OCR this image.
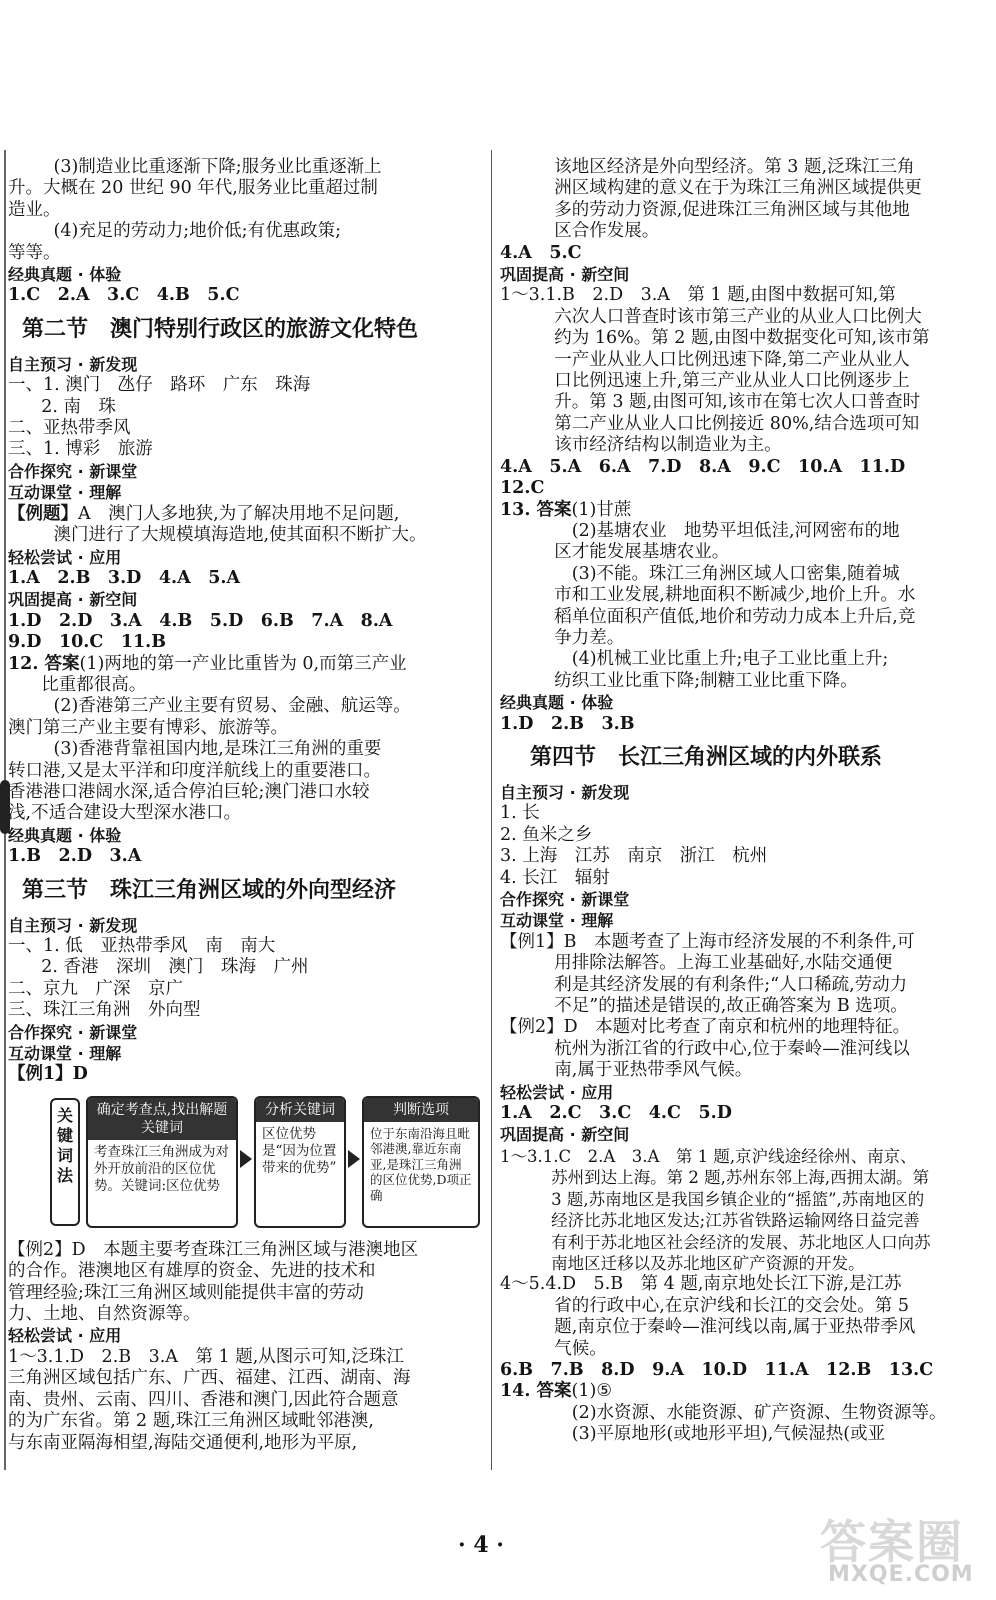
(3)制造业比重逐渐下降;服务业比重逐渐上

升。大概在 20 世纪 90 年代,服务业比重超过制

造业。

(4)充足的劳动力;地价低;有优惠政策;

等等。

经典真题 · 体验

1.C　2.A　3.C　4.B　5.C

第二节　澳门特别行政区的旅游文化特色
自主预习 · 新发现

一、1. 澳门　氹仔　路环　广东　珠海

2. 南　珠

二、亚热带季风

三、1. 博彩　旅游

合作探究 · 新课堂
互动课堂 · 理解

【例题】A　澳门人多地狭,为了解决用地不足问题,

澳门进行了大规模填海造地,使其面积不断扩大。

轻松尝试 · 应用

1.A　2.B　3.D　4.A　5.A

巩固提高 · 新空间

1.D　2.D　3.A　4.B　5.D　6.B　7.A　8.A

9.D　10.C　11.B

12. 答案(1)两地的第一产业比重皆为 0,而第三产业

比重都很高。

(2)香港第三产业主要有贸易、金融、航运等。

澳门第三产业主要有博彩、旅游等。

(3)香港背靠祖国内地,是珠江三角洲的重要

转口港,又是太平洋和印度洋航线上的重要港口。

香港港口港阔水深,适合停泊巨轮;澳门港口水较

浅,不适合建设大型深水港口。

经典真题 · 体验

1.B　2.D　3.A

第三节　珠江三角洲区域的外向型经济
自主预习 · 新发现

一、1. 低　亚热带季风　南　南大

2. 香港　深圳　澳门　珠海　广州

二、京九　广深　京广

三、珠江三角洲　外向型

合作探究 · 新课堂
互动课堂 · 理解

【例1】D

关
键
词
法
确定考查点,找出解题关键词
考查珠江三角洲成为对外开放前沿的区位优势。关键词:区位优势
分析关键词
区位优势是“因为位置带来的优势”
判断选项
位于东南沿海且毗邻港澳,靠近东南亚,是珠江三角洲的区位优势,D项正确

【例2】D　本题主要考查珠江三角洲区域与港澳地区

的合作。港澳地区有雄厚的资金、先进的技术和

管理经验;珠江三角洲区域则能提供丰富的劳动

力、土地、自然资源等。

轻松尝试 · 应用

1～3.1.D　2.B　3.A　第 1 题,从图示可知,泛珠江

三角洲区域包括广东、广西、福建、江西、湖南、海

南、贵州、云南、四川、香港和澳门,因此符合题意

的为广东省。第 2 题,珠江三角洲区域毗邻港澳,

与东南亚隔海相望,海陆交通便利,地形为平原,

该地区经济是外向型经济。第 3 题,泛珠江三角

洲区域构建的意义在于为珠江三角洲区域提供更

多的劳动力资源,促进珠江三角洲区域与其他地

区合作发展。

4.A　5.C

巩固提高 · 新空间

1～3.1.B　2.D　3.A　第 1 题,由图中数据可知,第

六次人口普查时该市第三产业的从业人口比例大

约为 16%。第 2 题,由图中数据变化可知,该市第

一产业从业人口比例迅速下降,第二产业从业人

口比例迅速上升,第三产业从业人口比例逐步上

升。第 3 题,由图可知,该市在第七次人口普查时

第二产业从业人口比例接近 80%,结合选项可知

该市经济结构以制造业为主。

4.A　5.A　6.A　7.D　8.A　9.C　10.A　11.D

12.C

13. 答案(1)甘蔗

(2)基塘农业　地势平坦低洼,河网密布的地

区才能发展基塘农业。

(3)不能。珠江三角洲区域人口密集,随着城

市和工业发展,耕地面积不断减少,地价上升。水

稻单位面积产值低,地价和劳动力成本上升后,竞

争力差。

(4)机械工业比重上升;电子工业比重上升;

纺织工业比重下降;制糖工业比重下降。

经典真题 · 体验

1.D　2.B　3.B

第四节　长江三角洲区域的内外联系
自主预习 · 新发现

1. 长

2. 鱼米之乡

3. 上海　江苏　南京　浙江　杭州

4. 长江　辐射

合作探究 · 新课堂
互动课堂 · 理解

【例1】B　本题考查了上海市经济发展的不利条件,可

用排除法解答。上海工业基础好,水陆交通便

利是其经济发展的有利条件;“人口稀疏,劳动力

不足”的描述是错误的,故正确答案为 B 选项。

【例2】D　本题对比考查了南京和杭州的地理特征。

杭州为浙江省的行政中心,位于秦岭—淮河线以

南,属于亚热带季风气候。

轻松尝试 · 应用

1.A　2.C　3.C　4.C　5.D

巩固提高 · 新空间

1～3.1.C　2.A　3.A　第 1 题,京沪线途经徐州、南京、

苏州到达上海。第 2 题,苏州东邻上海,西拥太湖。第

3 题,苏南地区是我国乡镇企业的“摇篮”,苏南地区的

经济比苏北地区发达;江苏省铁路运输网络日益完善

有利于苏北地区社会经济的发展、苏北地区人口向苏

南地区迁移以及苏北地区矿产资源的开发。

4～5.4.D　5.B　第 4 题,南京地处长江下游,是江苏

省的行政中心,在京沪线和长江的交会处。第 5

题,南京位于秦岭—淮河线以南,属于亚热带季风

气候。

6.B　7.B　8.D　9.A　10.D　11.A　12.B　13.C

14. 答案(1)⑤

(2)水资源、水能资源、矿产资源、生物资源等。

(3)平原地形(或地形平坦),气候湿热(或亚

· 4 ·	答案圈
MXQE.COM
